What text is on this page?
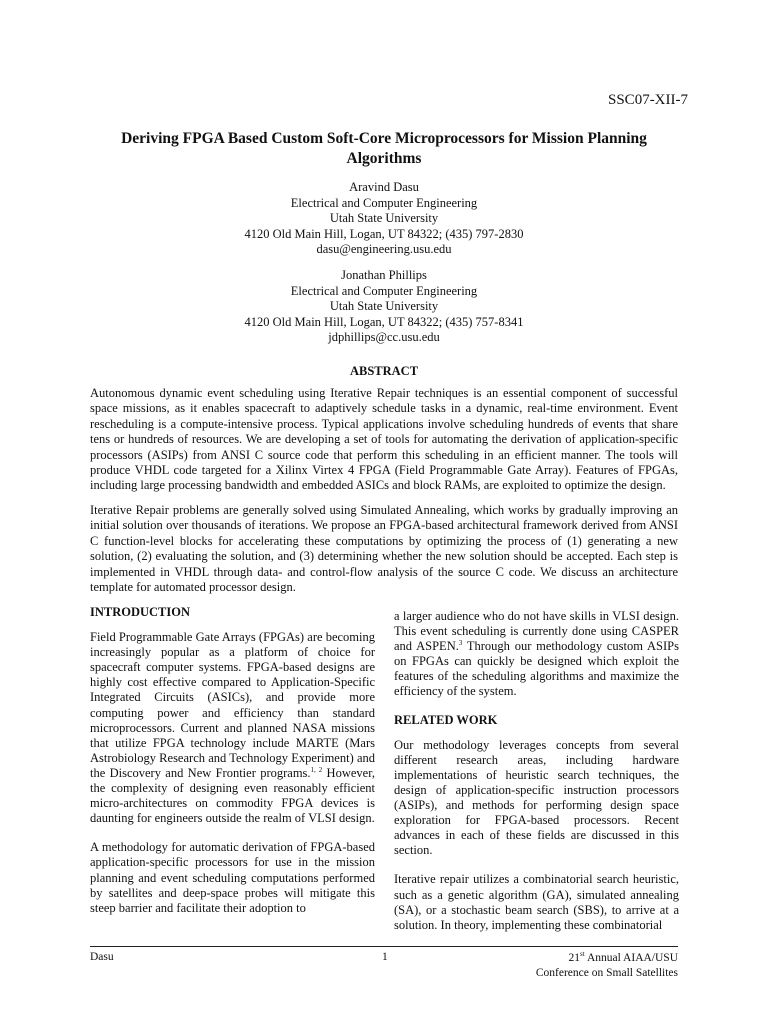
SSC07-XII-7
Deriving FPGA Based Custom Soft-Core Microprocessors for Mission Planning Algorithms
Aravind Dasu
Electrical and Computer Engineering
Utah State University
4120 Old Main Hill, Logan, UT 84322; (435) 797-2830
dasu@engineering.usu.edu
Jonathan Phillips
Electrical and Computer Engineering
Utah State University
4120 Old Main Hill, Logan, UT 84322; (435) 757-8341
jdphillips@cc.usu.edu
ABSTRACT

Autonomous dynamic event scheduling using Iterative Repair techniques is an essential component of successful space missions, as it enables spacecraft to adaptively schedule tasks in a dynamic, real-time environment. Event rescheduling is a compute-intensive process. Typical applications involve scheduling hundreds of events that share tens or hundreds of resources. We are developing a set of tools for automating the derivation of application-specific processors (ASIPs) from ANSI C source code that perform this scheduling in an efficient manner. The tools will produce VHDL code targeted for a Xilinx Virtex 4 FPGA (Field Programmable Gate Array). Features of FPGAs, including large processing bandwidth and embedded ASICs and block RAMs, are exploited to optimize the design.

Iterative Repair problems are generally solved using Simulated Annealing, which works by gradually improving an initial solution over thousands of iterations. We propose an FPGA-based architectural framework derived from ANSI C function-level blocks for accelerating these computations by optimizing the process of (1) generating a new solution, (2) evaluating the solution, and (3) determining whether the new solution should be accepted. Each step is implemented in VHDL through data- and control-flow analysis of the source C code. We discuss an architecture template for automated processor design.

INTRODUCTION

Field Programmable Gate Arrays (FPGAs) are becoming increasingly popular as a platform of choice for spacecraft computer systems. FPGA-based designs are highly cost effective compared to Application-Specific Integrated Circuits (ASICs), and provide more computing power and efficiency than standard microprocessors. Current and planned NASA missions that utilize FPGA technology include MARTE (Mars Astrobiology Research and Technology Experiment) and the Discovery and New Frontier programs.$^{1, 2}$ However, the complexity of designing even reasonably efficient micro-architectures on commodity FPGA devices is daunting for engineers outside the realm of VLSI design.

A methodology for automatic derivation of FPGA-based application-specific processors for use in the mission planning and event scheduling computations performed by satellites and deep-space probes will mitigate this steep barrier and facilitate their adoption to

a larger audience who do not have skills in VLSI design. This event scheduling is currently done using CASPER and ASPEN.$^3$ Through our methodology custom ASIPs on FPGAs can quickly be designed which exploit the features of the scheduling algorithms and maximize the efficiency of the system.

RELATED WORK

Our methodology leverages concepts from several different research areas, including hardware implementations of heuristic search techniques, the design of application-specific instruction processors (ASIPs), and methods for performing design space exploration for FPGA-based processors. Recent advances in each of these fields are discussed in this section.

Iterative repair utilizes a combinatorial search heuristic, such as a genetic algorithm (GA), simulated annealing (SA), or a stochastic beam search (SBS), to arrive at a solution. In theory, implementing these combinatorial

Dasu	1	21st Annual AIAA/USU
Conference on Small Satellites
